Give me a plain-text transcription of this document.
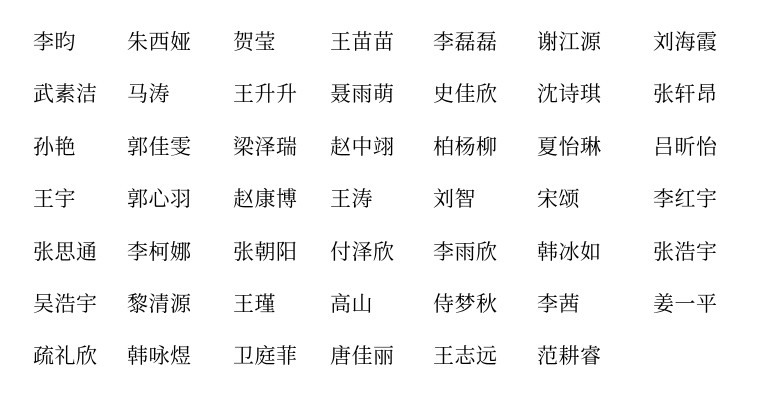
李昀	朱西娅	贺莹	王苗苗	李磊磊	谢江源	刘海霞
武素洁	马涛	王升升	聂雨萌	史佳欣	沈诗琪	张轩昂
孙艳	郭佳雯	梁泽瑞	赵中翊	柏杨柳	夏怡琳	吕昕怡
王宇	郭心羽	赵康博	王涛	刘智	宋颂	李红宇
张思通	李柯娜	张朝阳	付泽欣	李雨欣	韩冰如	张浩宇
吴浩宇	黎清源	王瑾	高山	侍梦秋	李茜	姜一平
疏礼欣	韩咏煜	卫庭菲	唐佳丽	王志远	范耕睿
